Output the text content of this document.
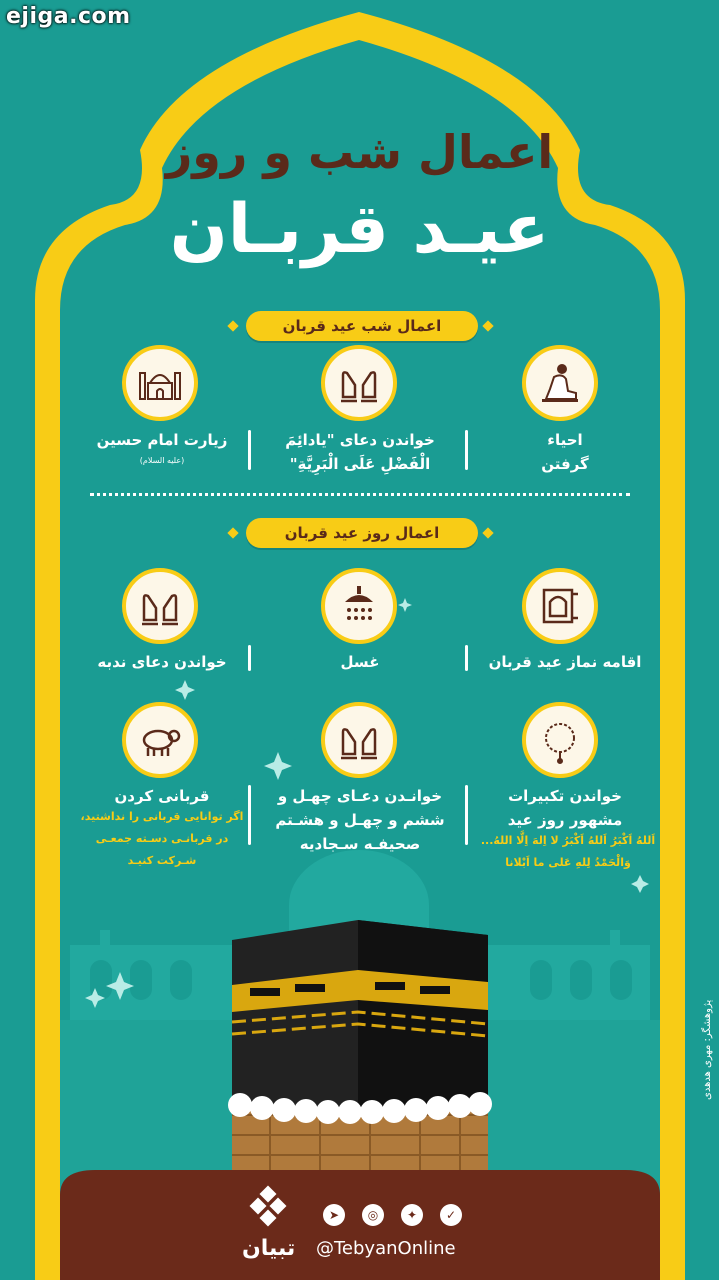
ejiga.com
اعمال شب و روز
عیـد قربـان
اعمال شب عید قربان
احیاء
گرفتن
خواندن دعای "یادائِمَ
الْفَضْلِ عَلَی الْبَرِیَّةِ"
زیارت امام حسین
(علیه السلام)
اعمال روز عید قربان
اقامه نماز عید قربان
غسل
خواندن دعای ندبه
خواندن تکبیرات
مشهور روز عید
اَللهُ اَکْبَرُ اَللهُ اَکْبَرُ لا اِلهَ اِلَّا اللهُ...
وَالْحَمْدُ لِلهِ عَلی ما اَبْلانا
خوانـدن دعـای چهـل و
ششم و چهـل و هشـتم
صحیفـه سـجادیه
قربانی کردن
اگر توانایی قربانی را نداشتید،
در قربانـی دسـته جمعـی
شـرکت کنیـد
➤	◎	✦	✓
تبیان @TebyanOnline
پژوهشگر: مهری هدهدی
